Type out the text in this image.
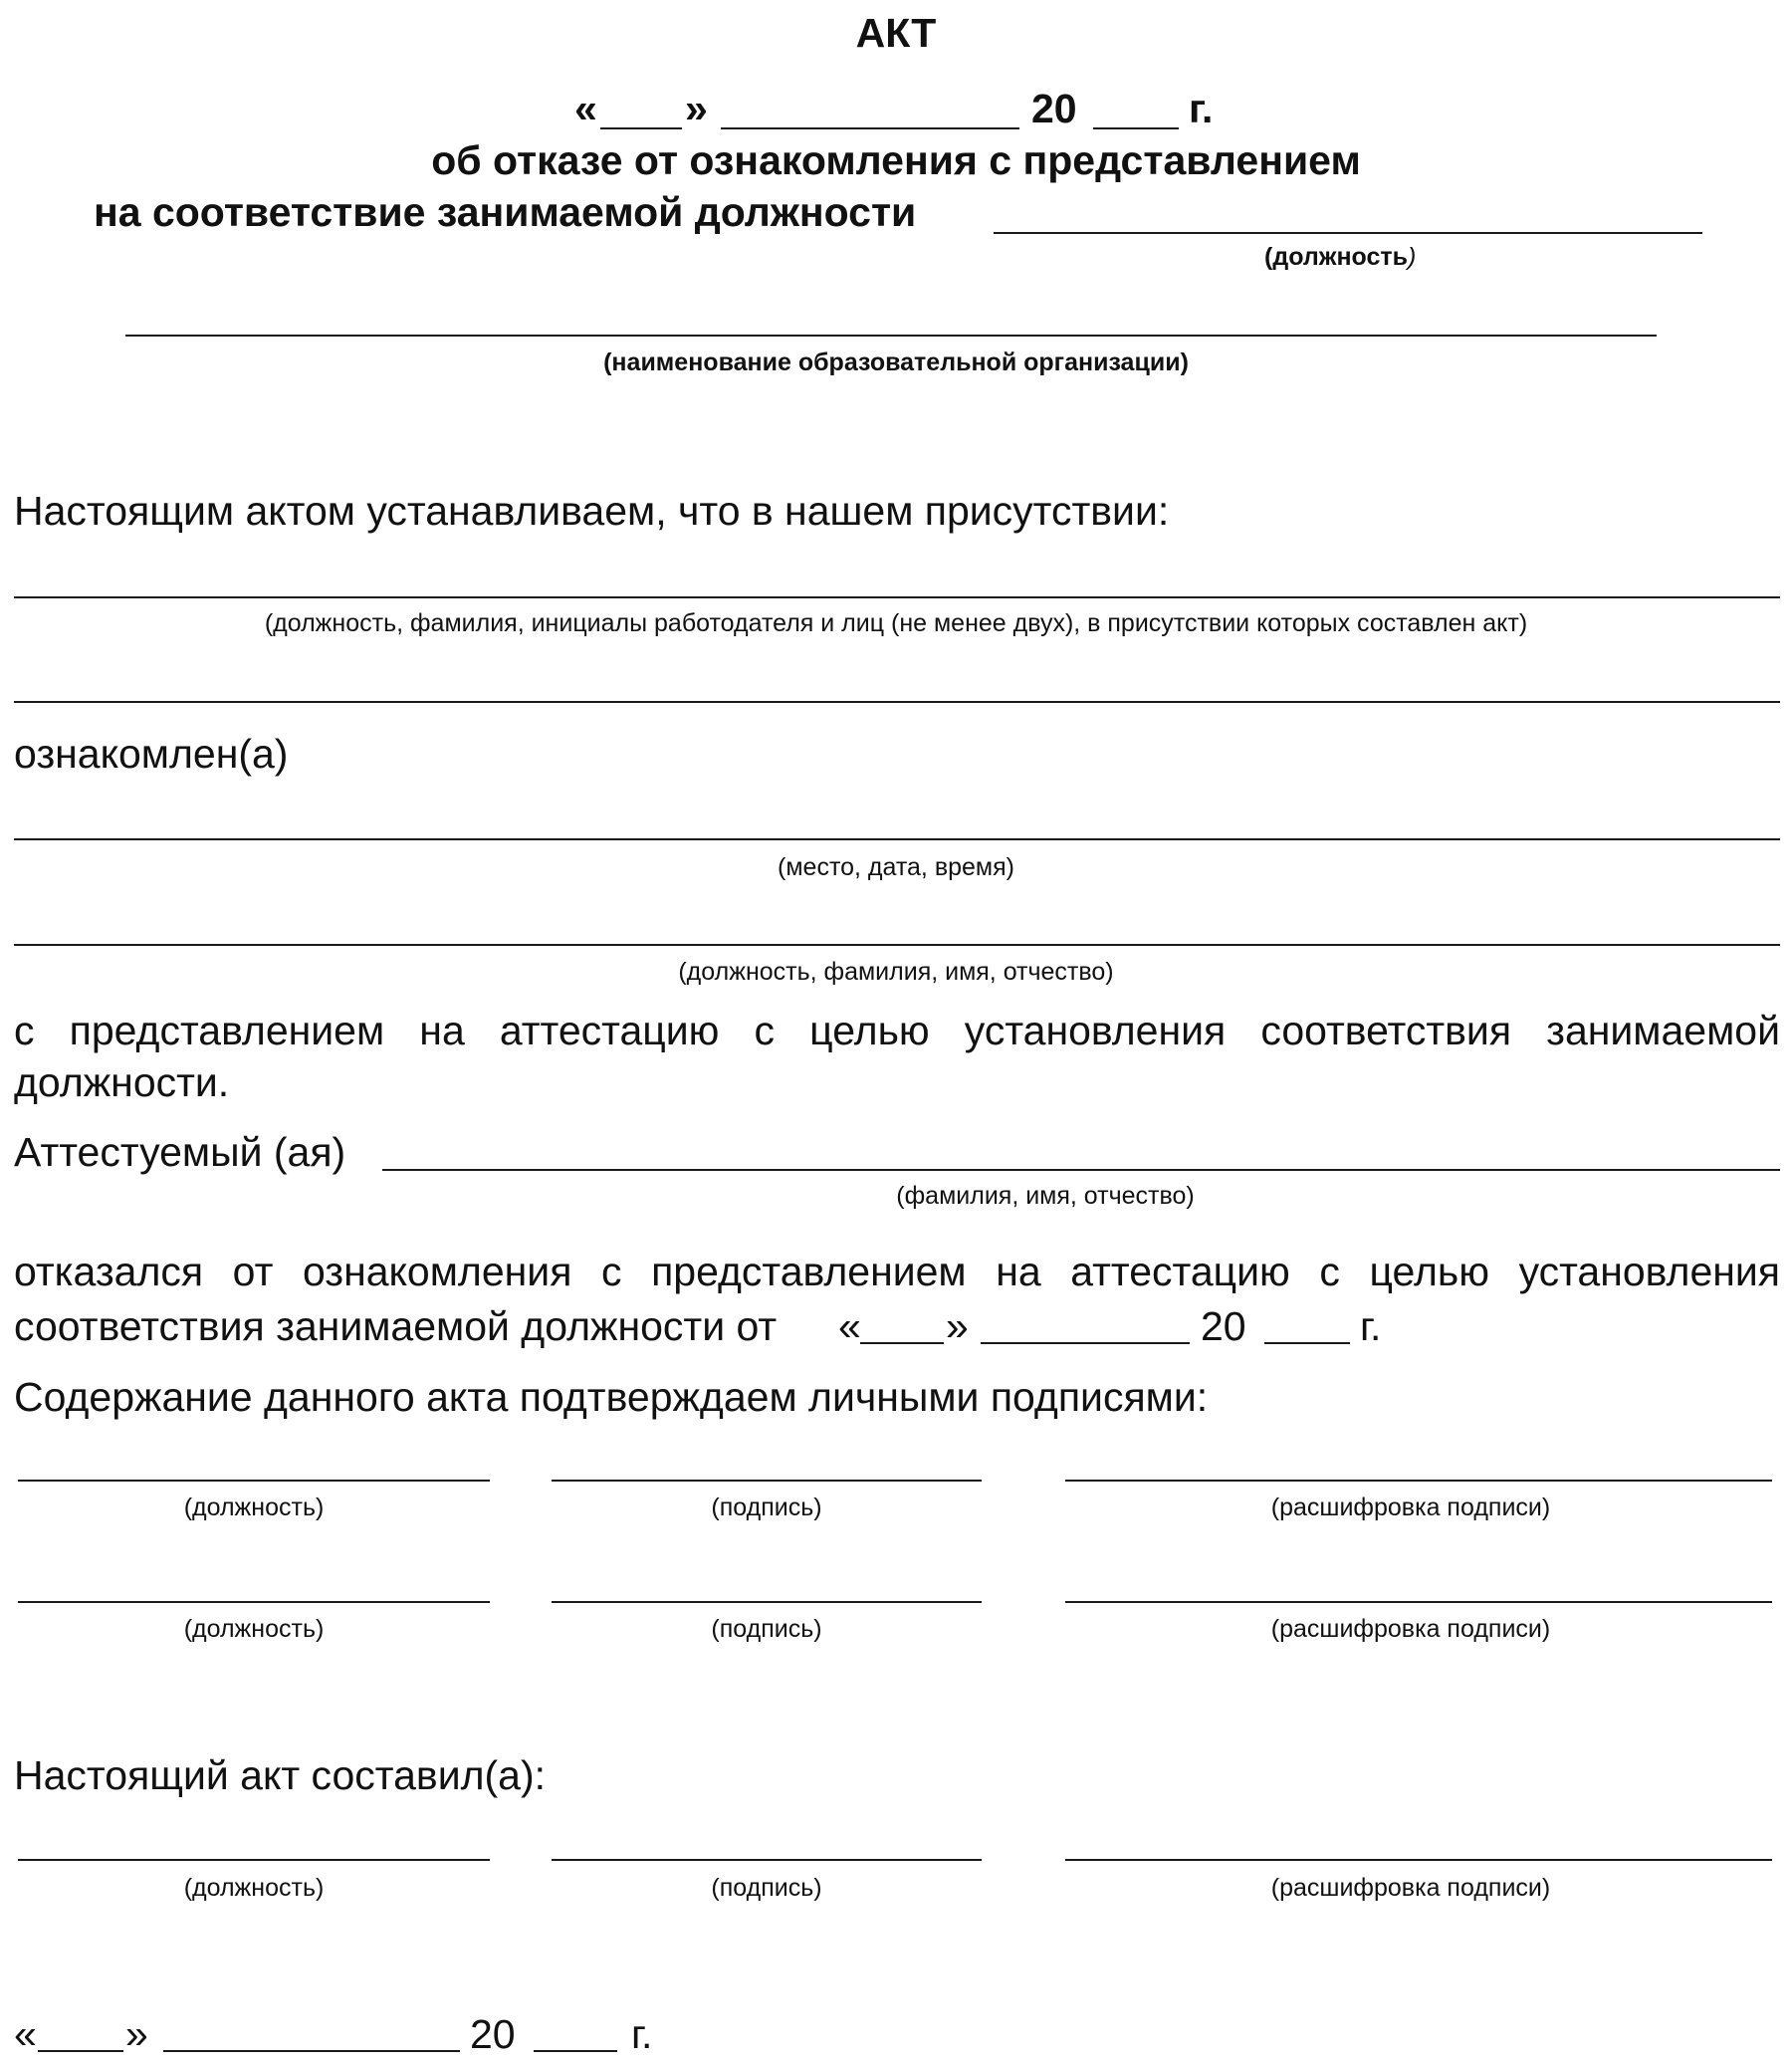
АКТ
« »	20	г.
об отказе от ознакомления с представлением
на соответствие занимаемой должности
(должность)
(наименование образовательной организации)
Настоящим актом устанавливаем, что в нашем присутствии:
(должность, фамилия, инициалы работодателя и лиц (не менее двух), в присутствии которых составлен акт)
ознакомлен(а)
(место, дата, время)
(должность, фамилия, имя, отчество)
с представлением на аттестацию с целью установления соответствия занимаемой
должности.
Аттестуемый (ая)
(фамилия, имя, отчество)
отказался от ознакомления с представлением на аттестацию с целью установления
соответствия занимаемой должности от « »	20	г.
Содержание данного акта подтверждаем личными подписями:
(должность)	(подпись)	(расшифровка подписи)
(должность)	(подпись)	(расшифровка подписи)
Настоящий акт составил(а):
(должность)	(подпись)	(расшифровка подписи)
« »	20	г.
